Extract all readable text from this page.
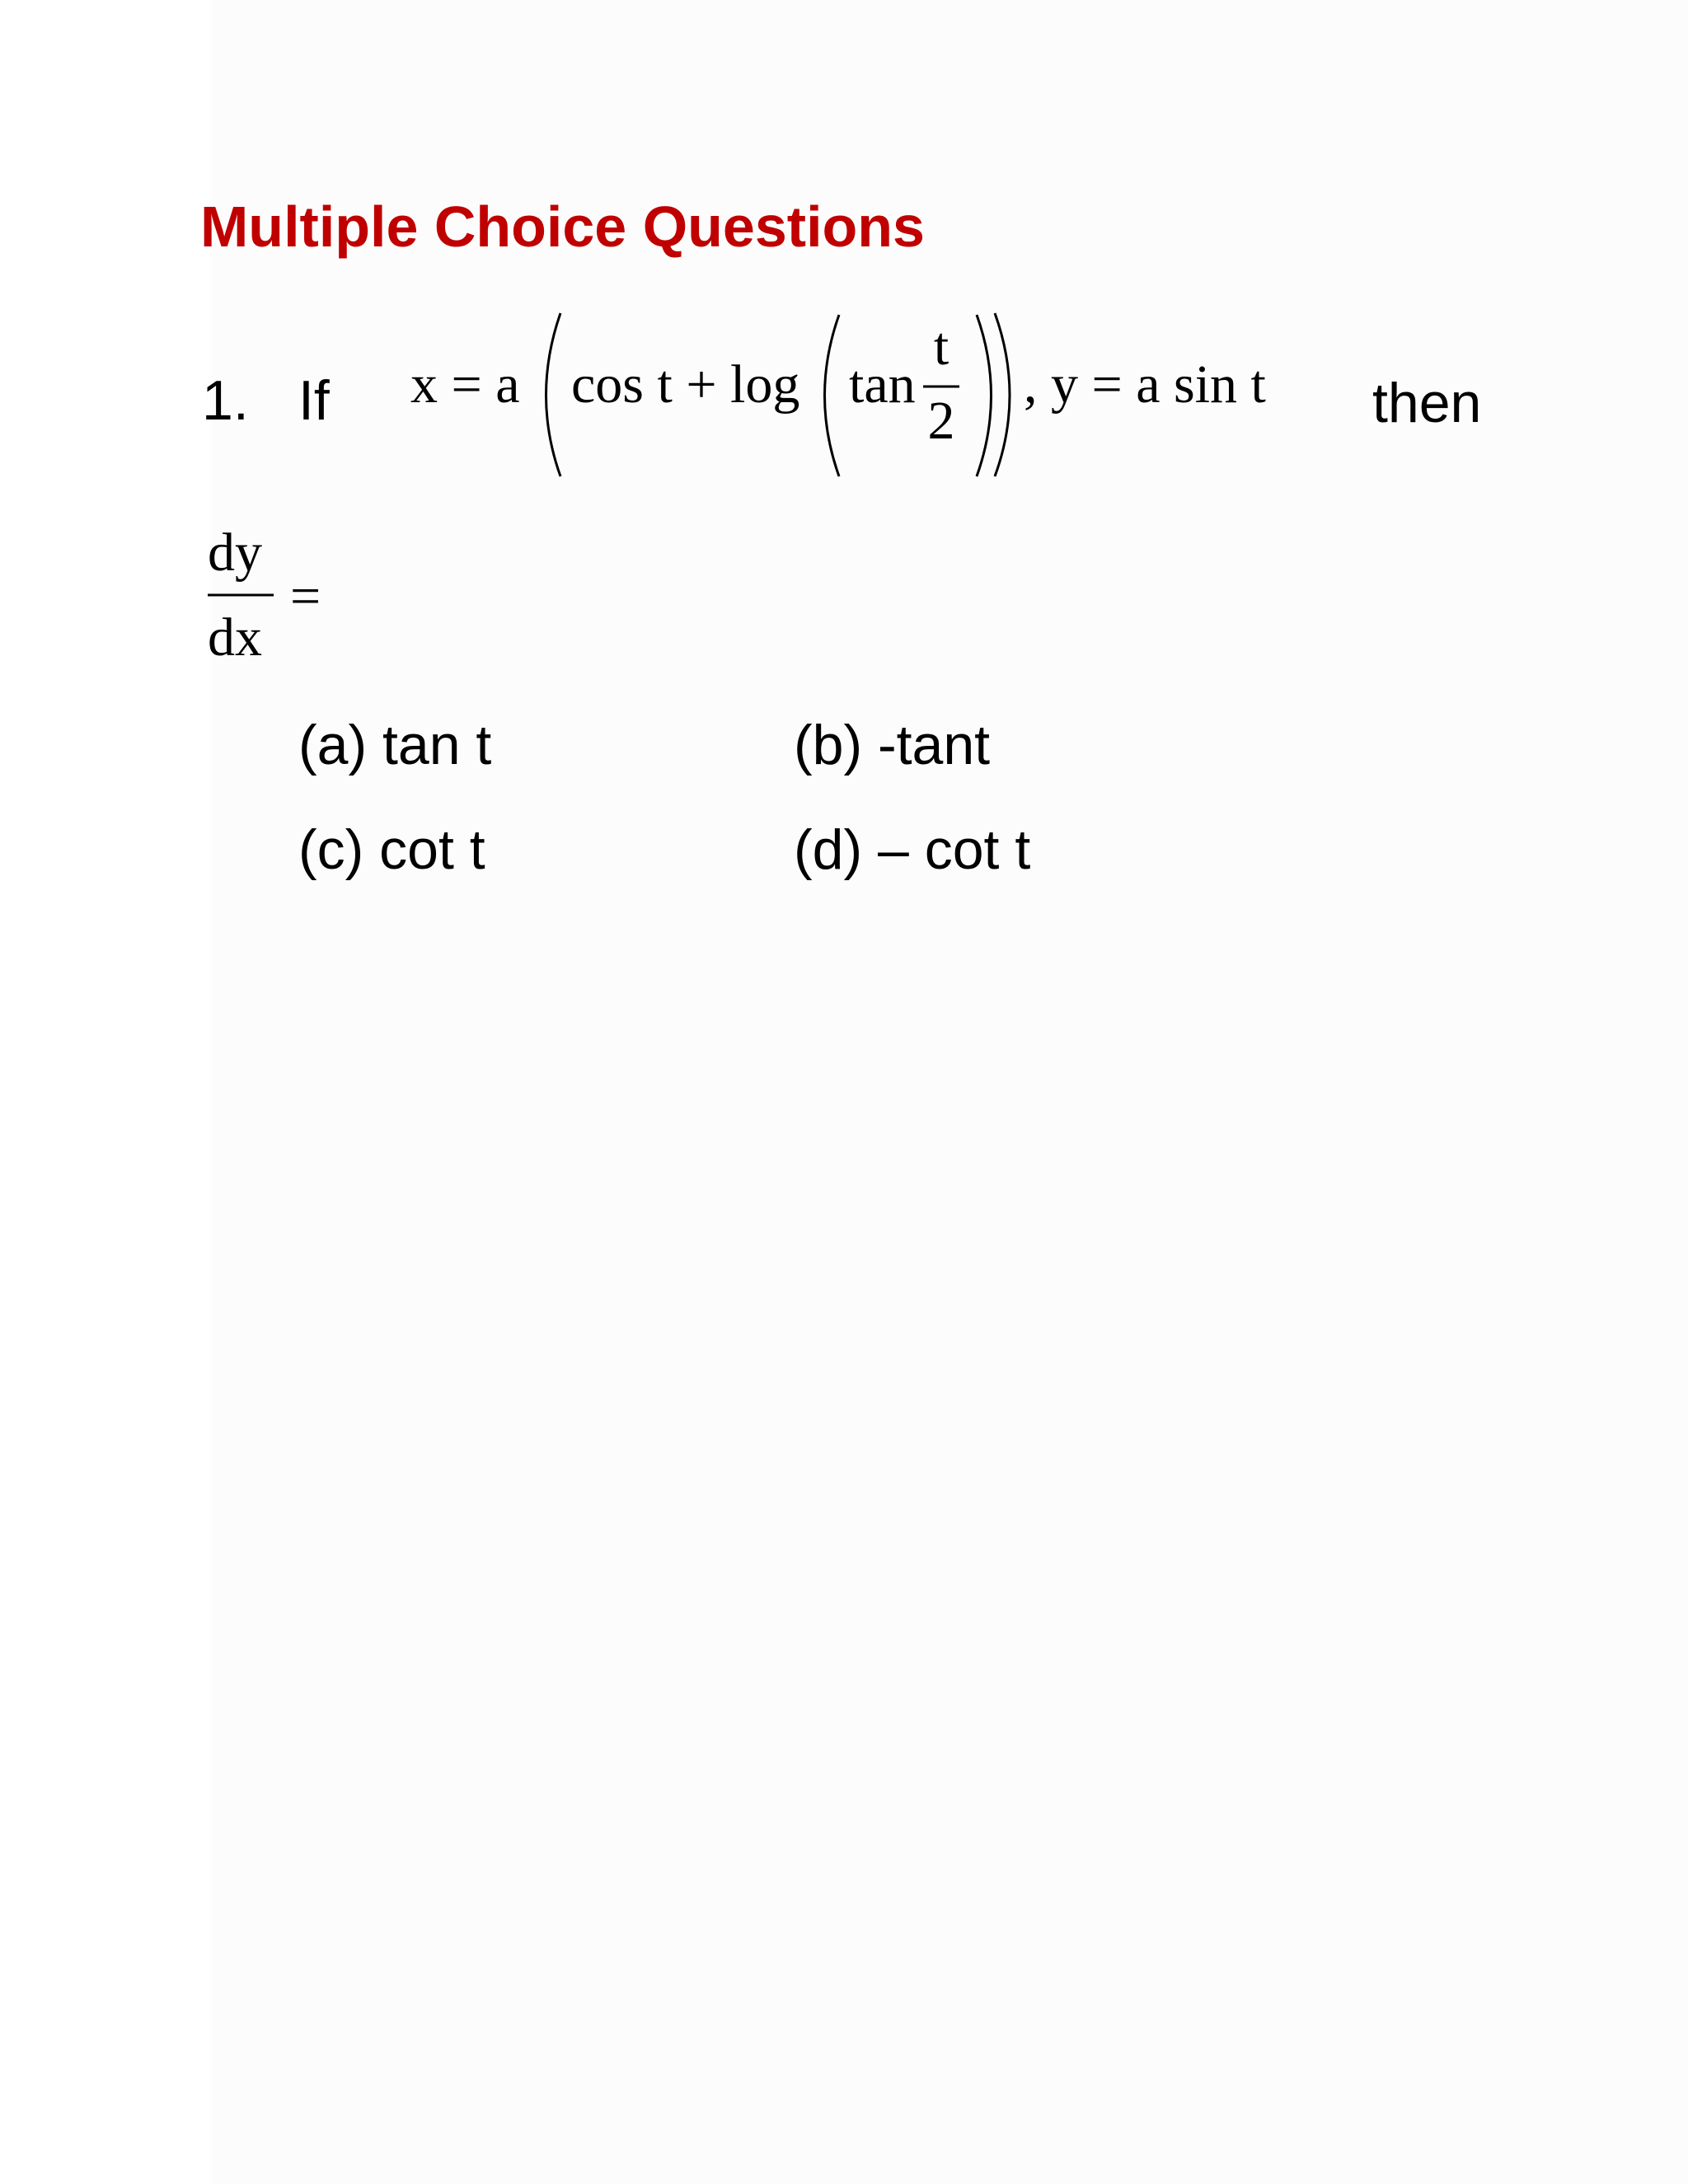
Multiple Choice Questions
1. If x = a cos t + log tan
t
2
, y = a sin t then
dy
dx
=
(a) tan t	(b) -tant
(c) cot t	(d) – cot t
